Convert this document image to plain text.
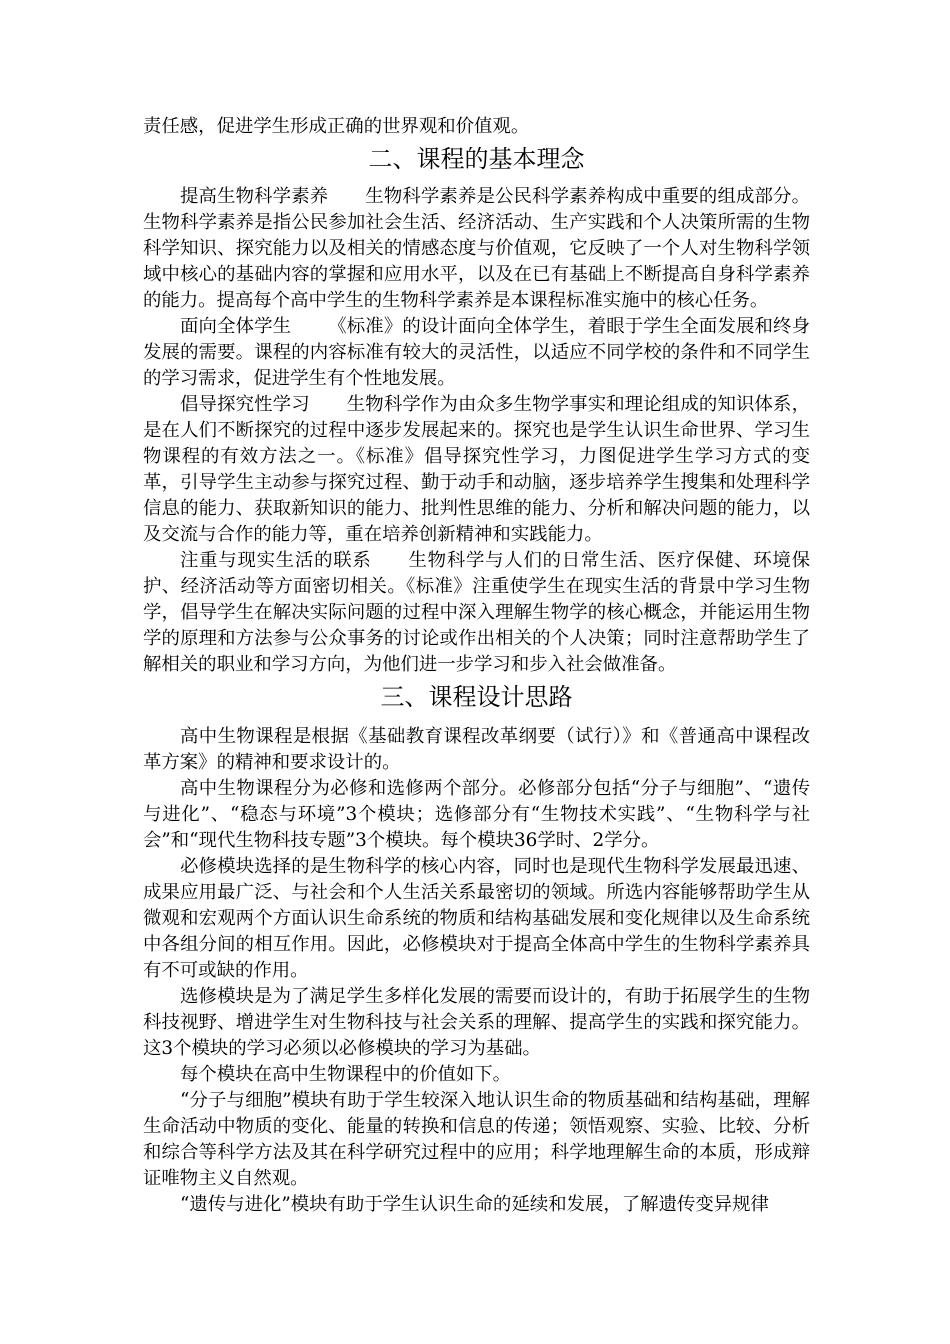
责任感，促进学生形成正确的世界观和价值观。

二、课程的基本理念

提高生物科学素养 生物科学素养是公民科学素养构成中重要的组成部分。生物科学素养是指公民参加社会生活、经济活动、生产实践和个人决策所需的生物科学知识、探究能力以及相关的情感态度与价值观，它反映了一个人对生物科学领域中核心的基础内容的掌握和应用水平，以及在已有基础上不断提高自身科学素养的能力。提高每个高中学生的生物科学素养是本课程标准实施中的核心任务。

面向全体学生 《标准》的设计面向全体学生，着眼于学生全面发展和终身发展的需要。课程的内容标准有较大的灵活性，以适应不同学校的条件和不同学生的学习需求，促进学生有个性地发展。

倡导探究性学习 生物科学作为由众多生物学事实和理论组成的知识体系，是在人们不断探究的过程中逐步发展起来的。探究也是学生认识生命世界、学习生物课程的有效方法之一。《标准》倡导探究性学习，力图促进学生学习方式的变革，引导学生主动参与探究过程、勤于动手和动脑，逐步培养学生搜集和处理科学信息的能力、获取新知识的能力、批判性思维的能力、分析和解决问题的能力，以及交流与合作的能力等，重在培养创新精神和实践能力。

注重与现实生活的联系 生物科学与人们的日常生活、医疗保健、环境保护、经济活动等方面密切相关。《标准》注重使学生在现实生活的背景中学习生物学，倡导学生在解决实际问题的过程中深入理解生物学的核心概念，并能运用生物学的原理和方法参与公众事务的讨论或作出相关的个人决策；同时注意帮助学生了解相关的职业和学习方向，为他们进一步学习和步入社会做准备。

三、课程设计思路

高中生物课程是根据《基础教育课程改革纲要（试行）》和《普通高中课程改革方案》的精神和要求设计的。

高中生物课程分为必修和选修两个部分。必修部分包括“分子与细胞”、“遗传与进化”、“稳态与环境”3个模块；选修部分有“生物技术实践”、“生物科学与社会”和“现代生物科技专题”3个模块。每个模块36学时、2学分。

必修模块选择的是生物科学的核心内容，同时也是现代生物科学发展最迅速、成果应用最广泛、与社会和个人生活关系最密切的领域。所选内容能够帮助学生从微观和宏观两个方面认识生命系统的物质和结构基础发展和变化规律以及生命系统中各组分间的相互作用。因此，必修模块对于提高全体高中学生的生物科学素养具有不可或缺的作用。

选修模块是为了满足学生多样化发展的需要而设计的，有助于拓展学生的生物科技视野、增进学生对生物科技与社会关系的理解、提高学生的实践和探究能力。这3个模块的学习必须以必修模块的学习为基础。

每个模块在高中生物课程中的价值如下。

“分子与细胞”模块有助于学生较深入地认识生命的物质基础和结构基础，理解生命活动中物质的变化、能量的转换和信息的传递；领悟观察、实验、比较、分析和综合等科学方法及其在科学研究过程中的应用；科学地理解生命的本质，形成辩证唯物主义自然观。

“遗传与进化”模块有助于学生认识生命的延续和发展，了解遗传变异规律
